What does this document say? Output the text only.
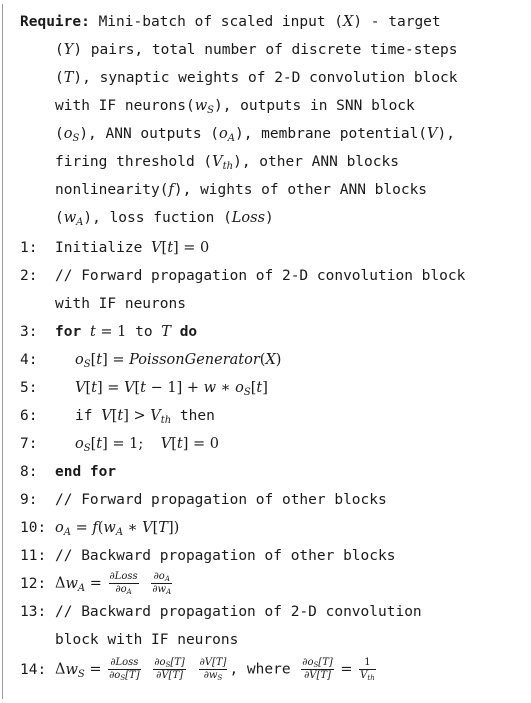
Require: Mini-batch of scaled input (X) - target
(Y) pairs, total number of discrete time-steps
(T), synaptic weights of 2-D convolution block
with IF $neurons(w_S)$, outputs in SNN block
$(o_S)$, ANN outputs $(o_A)$, membrane potential(V),
firing threshold $(V_{th})$, other ANN blocks
nonlinearity(f), wights of other ANN blocks
$(w_A)$, loss fuction (Loss)
1: Initialize V[t] = 0
2: // Forward propagation of 2-D convolution block
with IF neurons
3: for t = 1 to T do
4:	$o_S[t]$ = PoissonGenerator(X)
5:	V[t] = V[t − 1] + w ∗ $o_S[t]$
6:	if $V[t] > V_{th}$ then
7:	$o_S[t] = 1$; V[t] = 0
8: end for
9: // Forward propagation of other blocks
10: $o_A = f(w_A$ ∗ V[T])
11: // Backward propagation of other blocks
12: $\Delta w_A = \frac{\text{∂Loss}}{\partial o_A}$
$\frac{\partial o_A}{\partial w_A}$
13: // Backward propagation of 2-D convolution
block with IF neurons
14: $\Delta w_S = \frac{\text{∂Loss}}{\partial o_S[T]}$
$\frac{\partial o_S[T]}{\partial V[T]}$
$\frac{\partial V[T]}{\partial w_S}$ , where $\frac{\partial o_S[T]}{\partial V[T]} = \frac{1}{V_{th}}$
